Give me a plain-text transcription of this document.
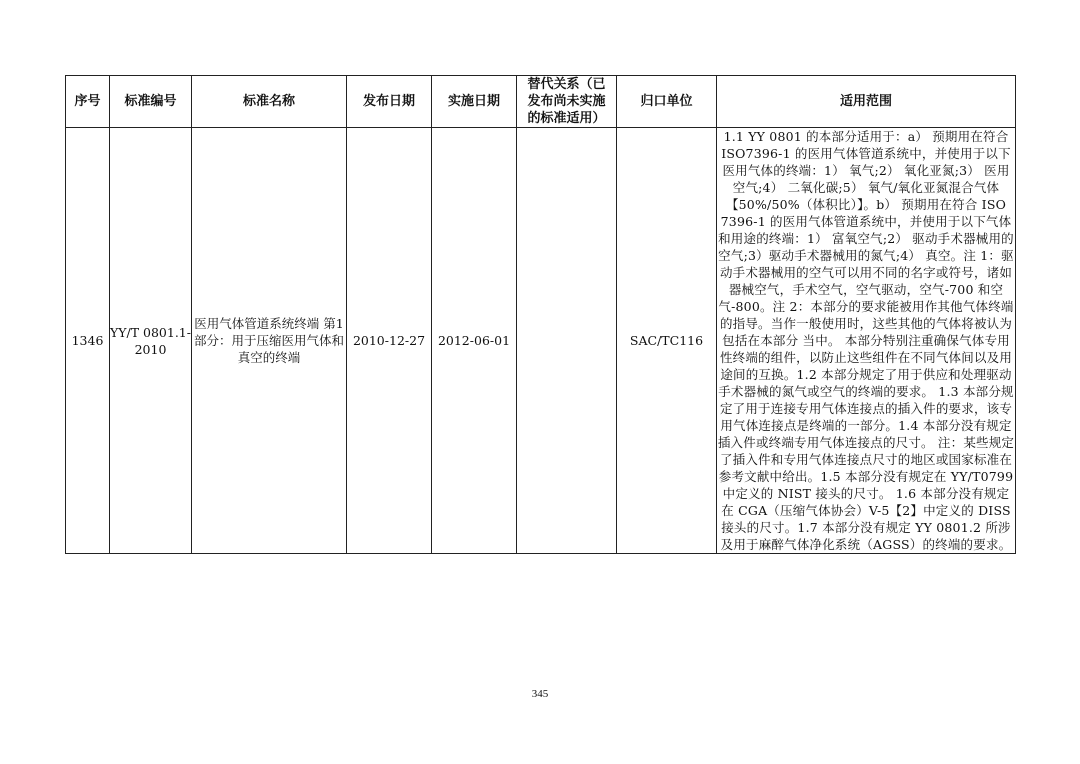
序号	标准编号	标准名称	发布日期	实施日期	替代关系（已发布尚未实施的标准适用）	归口单位	适用范围
1346	YY/T 0801.1-2010	医用气体管道系统终端 第1部分：用于压缩医用气体和真空的终端	2010-12-27	2012-06-01		SAC/TC116	1.1 YY 0801 的本部分适用于：a） 预期用在符合 ISO7396-1 的医用气体管道系统中，并使用于以下医用气体的终端：1） 氧气;2） 氧化亚氮;3） 医用空气;4） 二氧化碳;5） 氧气/氧化亚氮混合气体【50%/50%（体积比）】。b） 预期用在符合 ISO 7396-1 的医用气体管道系统中，并使用于以下气体和用途的终端：1） 富氧空气;2） 驱动手术器械用的空气;3）驱动手术器械用的氮气;4） 真空。注 1：驱动手术器械用的空气可以用不同的名字或符号，诸如器械空气，手术空气，空气驱动，空气-700 和空气-800。注 2：本部分的要求能被用作其他气体终端的指导。当作一般使用时，这些其他的气体将被认为包括在本部分 当中。 本部分特别注重确保气体专用性终端的组件，以防止这些组件在不同气体间以及用途间的互换。1.2 本部分规定了用于供应和处理驱动手术器械的氮气或空气的终端的要求。 1.3 本部分规定了用于连接专用气体连接点的插入件的要求，该专用气体连接点是终端的一部分。1.4 本部分没有规定插入件或终端专用气体连接点的尺寸。 注：某些规定了插入件和专用气体连接点尺寸的地区或国家标准在参考文献中给出。1.5 本部分没有规定在 YY/T0799 中定义的 NIST 接头的尺寸。 1.6 本部分没有规定在 CGA（压缩气体协会）V-5【2】中定义的 DISS 接头的尺寸。1.7 本部分没有规定 YY 0801.2 所涉及用于麻醉气体净化系统（AGSS）的终端的要求。
345
